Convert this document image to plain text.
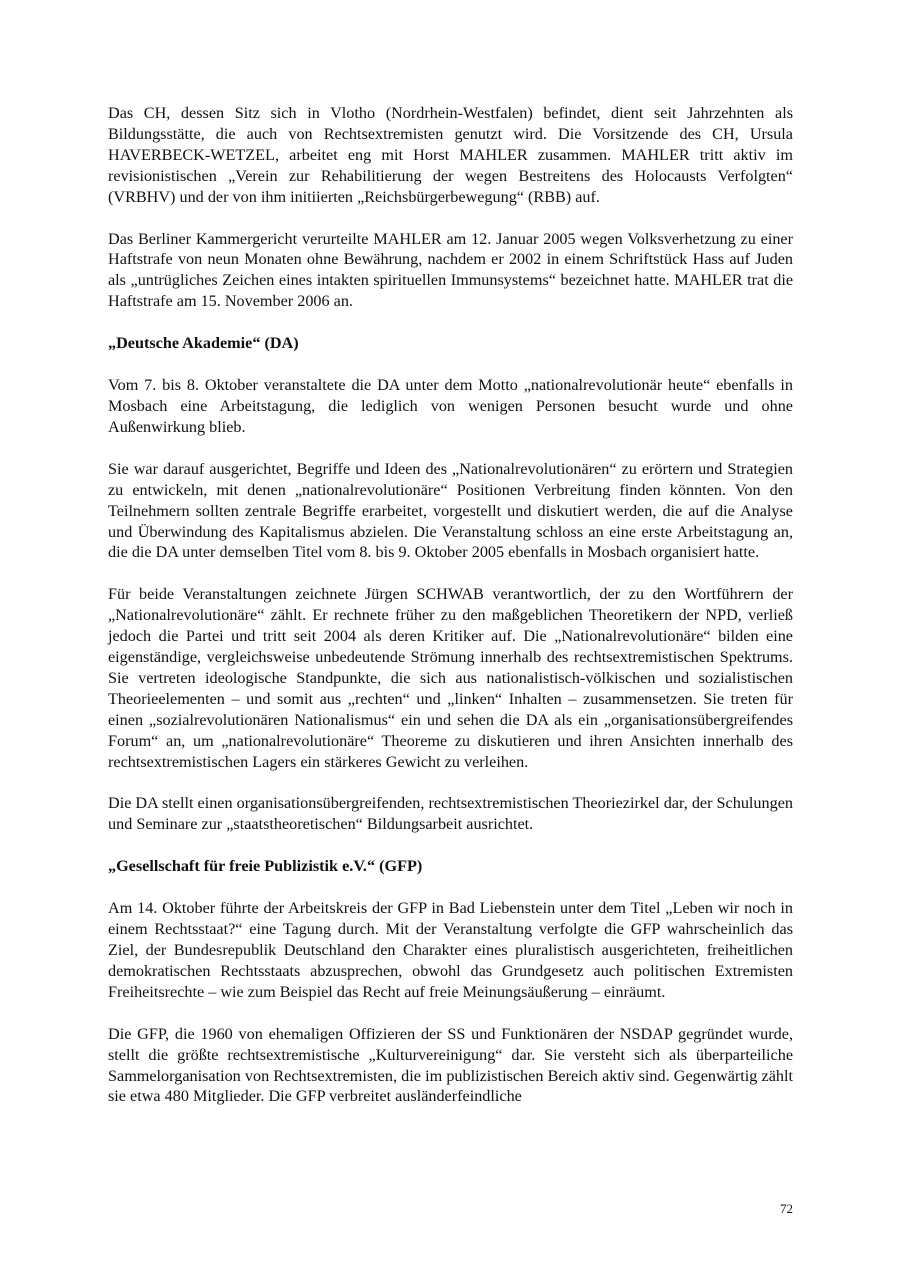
Das CH, dessen Sitz sich in Vlotho (Nordrhein-Westfalen) befindet, dient seit Jahrzehnten als Bildungsstätte, die auch von Rechtsextremisten genutzt wird. Die Vorsitzende des CH, Ursula HAVERBECK-WETZEL, arbeitet eng mit Horst MAHLER zusammen. MAHLER tritt aktiv im revisionistischen „Verein zur Rehabilitierung der wegen Bestreitens des Holocausts Verfolgten“ (VRBHV) und der von ihm initiierten „Reichsbürgerbewegung“ (RBB) auf.

Das Berliner Kammergericht verurteilte MAHLER am 12. Januar 2005 wegen Volksverhetzung zu einer Haftstrafe von neun Monaten ohne Bewährung, nachdem er 2002 in einem Schriftstück Hass auf Juden als „untrügliches Zeichen eines intakten spirituellen Immunsystems“ bezeichnet hatte. MAHLER trat die Haftstrafe am 15. November 2006 an.

„Deutsche Akademie“ (DA)

Vom 7. bis 8. Oktober veranstaltete die DA unter dem Motto „nationalrevolutionär heute“ ebenfalls in Mosbach eine Arbeitstagung, die lediglich von wenigen Personen besucht wurde und ohne Außenwirkung blieb.

Sie war darauf ausgerichtet, Begriffe und Ideen des „Nationalrevolutionären“ zu erörtern und Strategien zu entwickeln, mit denen „nationalrevolutionäre“ Positionen Verbreitung finden könnten. Von den Teilnehmern sollten zentrale Begriffe erarbeitet, vorgestellt und diskutiert werden, die auf die Analyse und Überwindung des Kapitalismus abzielen. Die Veranstaltung schloss an eine erste Arbeitstagung an, die die DA unter demselben Titel vom 8. bis 9. Oktober 2005 ebenfalls in Mosbach organisiert hatte.

Für beide Veranstaltungen zeichnete Jürgen SCHWAB verantwortlich, der zu den Wortführern der „Nationalrevolutionäre“ zählt. Er rechnete früher zu den maßgeblichen Theoretikern der NPD, verließ jedoch die Partei und tritt seit 2004 als deren Kritiker auf. Die „Nationalrevolutionäre“ bilden eine eigenständige, vergleichsweise unbedeutende Strömung innerhalb des rechtsextremistischen Spektrums. Sie vertreten ideologische Standpunkte, die sich aus nationalistisch-völkischen und sozialistischen Theorieelementen – und somit aus „rechten“ und „linken“ Inhalten – zusammensetzen. Sie treten für einen „sozialrevolutionären Nationalismus“ ein und sehen die DA als ein „organisationsübergreifendes Forum“ an, um „nationalrevolutionäre“ Theoreme zu diskutieren und ihren Ansichten innerhalb des rechtsextremistischen Lagers ein stärkeres Gewicht zu verleihen.

Die DA stellt einen organisationsübergreifenden, rechtsextremistischen Theoriezirkel dar, der Schulungen und Seminare zur „staatstheoretischen“ Bildungsarbeit ausrichtet.

„Gesellschaft für freie Publizistik e.V.“ (GFP)

Am 14. Oktober führte der Arbeitskreis der GFP in Bad Liebenstein unter dem Titel „Leben wir noch in einem Rechtsstaat?“ eine Tagung durch. Mit der Veranstaltung verfolgte die GFP wahrscheinlich das Ziel, der Bundesrepublik Deutschland den Charakter eines pluralistisch ausgerichteten, freiheitlichen demokratischen Rechtsstaats abzusprechen, obwohl das Grundgesetz auch politischen Extremisten Freiheitsrechte – wie zum Beispiel das Recht auf freie Meinungsäußerung – einräumt.

Die GFP, die 1960 von ehemaligen Offizieren der SS und Funktionären der NSDAP gegründet wurde, stellt die größte rechtsextremistische „Kulturvereinigung“ dar. Sie versteht sich als überparteiliche Sammelorganisation von Rechtsextremisten, die im publizistischen Bereich aktiv sind. Gegenwärtig zählt sie etwa 480 Mitglieder. Die GFP verbreitet ausländerfeindliche

72
